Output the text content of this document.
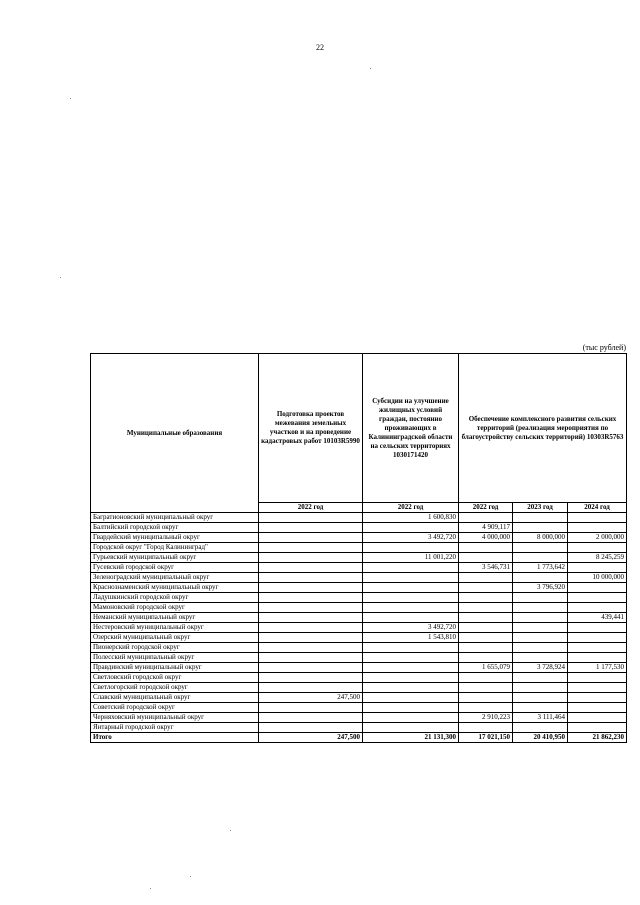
22
(тыс рублей)
Муниципальные образования	Подготовка проектов межевания земельных участков и на проведение кадастровых работ 10103R5990	Субсидии на улучшение жилищных условий граждан, постоянно проживающих в Калининградской области на сельских территориях 1030171420	Обеспечение комплексного развития сельских территорий (реализация мероприятия по благоустройству сельских территорий) 10303R5763		
	2022 год	2022 год	2022 год	2023 год	2024 год
Багратионовский муниципальный округ		1 600,830			
Балтийский городской округ			4 909,117		
Гвардейский муниципальный округ		3 492,720	4 000,000	8 000,000	2 000,000
Городской округ "Город Калининград"					
Гурьевский муниципальный округ		11 001,220			8 245,259
Гусевский городской округ			3 546,731	1 773,642	
Зеленоградский муниципальный округ					10 000,000
Краснознаменский муниципальный округ				3 796,920	
Ладушкинский городской округ					
Мамоновский городской округ					
Неманский муниципальный округ					439,441
Нестеровский муниципальный округ		3 492,720			
Озерский муниципальный округ		1 543,810			
Пионерский городской округ					
Полесский муниципальный округ					
Правдинский муниципальный округ			1 655,079	3 728,924	1 177,530
Светловский городской округ					
Светлогорский городской округ					
Славский муниципальный округ	247,500				
Советский городской округ					
Черняховский муниципальный округ			2 910,223	3 111,464	
Янтарный городской округ					
Итого	247,500	21 131,300	17 021,150	20 410,950	21 862,230
